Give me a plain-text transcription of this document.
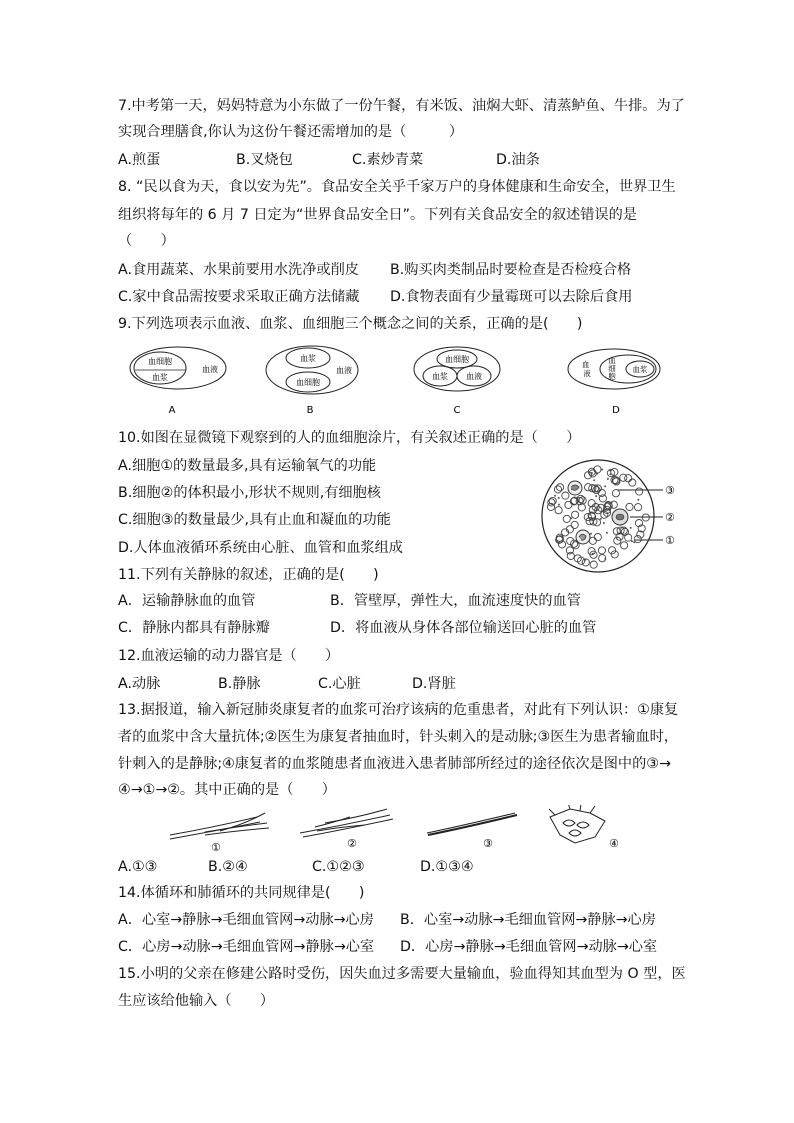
7.中考第一天，妈妈特意为小东做了一份午餐，有米饭、油焖大虾、清蒸鲈鱼、牛排。为了
实现合理膳食,你认为这份午餐还需增加的是（　　　）
A.煎蛋	B.叉烧包	C.素炒青菜	D.油条
8. “民以食为天，食以安为先”。食品安全关乎千家万户的身体健康和生命安全，世界卫生
组织将每年的 6 月 7 日定为“世界食品安全日”。下列有关食品安全的叙述错误的是
（　　）
A.食用蔬菜、水果前要用水洗净或削皮 B.购买肉类制品时要检查是否检疫合格
C.家中食品需按要求采取正确方法储藏 D.食物表面有少量霉斑可以去除后食用
9.下列选项表示血液、血浆、血细胞三个概念之间的关系，正确的是(　　)
血细胞
血浆
血液
A
血浆
血液
血细胞
B
血细胞
血浆 血液
C
血 液
血细胞
血浆
D
10.如图在显微镜下观察到的人的血细胞涂片，有关叙述正确的是（　　）
A.细胞①的数量最多,具有运输氧气的功能
B.细胞②的体积最小,形状不规则,有细胞核
C.细胞③的数量最少,具有止血和凝血的功能
D.人体血液循环系统由心脏、血管和血浆组成
③
②
①
11.下列有关静脉的叙述，正确的是(　　)
A．运输静脉血的血管	B．管壁厚，弹性大，血流速度快的血管
C．静脉内都具有静脉瓣	D．将血液从身体各部位输送回心脏的血管
12.血液运输的动力器官是（　　）
A.动脉	B.静脉	C.心脏	D.肾脏
13.据报道，输入新冠肺炎康复者的血浆可治疗该病的危重患者，对此有下列认识：①康复
者的血浆中含大量抗体;②医生为康复者抽血时，针头刺入的是动脉;③医生为患者输血时，
针刺入的是静脉;④康复者的血浆随患者血液进入患者肺部所经过的途径依次是图中的③→
④→①→②。其中正确的是（　　）
①	②	③	④
A.①③	B.②④	C.①②③	D.①③④
14.体循环和肺循环的共同规律是(　　)
A．心室→静脉→毛细血管网→动脉→心房 B．心室→动脉→毛细血管网→静脉→心房
C．心房→动脉→毛细血管网→静脉→心室 D．心房→静脉→毛细血管网→动脉→心室
15.小明的父亲在修建公路时受伤，因失血过多需要大量输血，验血得知其血型为 O 型，医
生应该给他输入（　　）
